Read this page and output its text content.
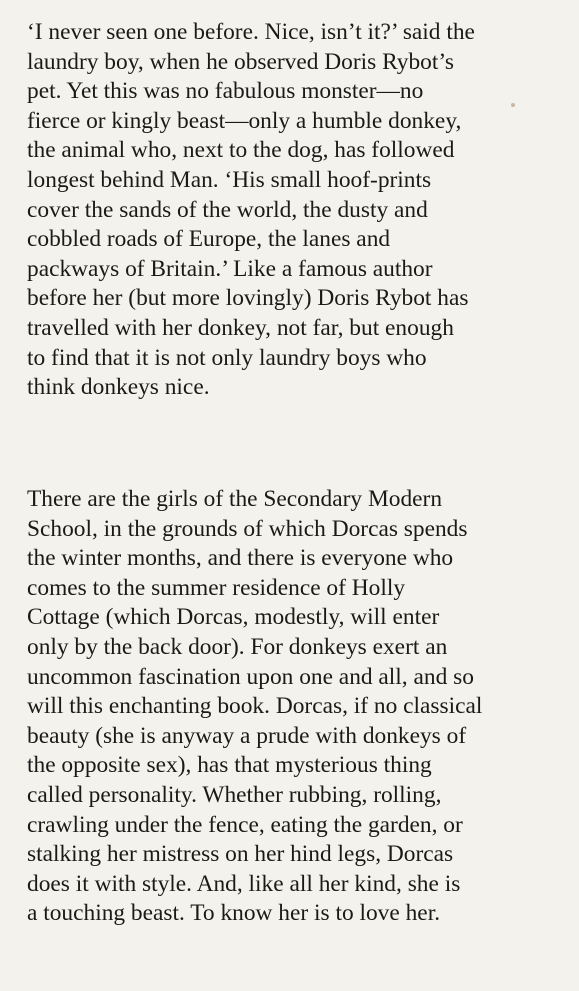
‘I never seen one before. Nice, isn’t it?’ said the
laundry boy, when he observed Doris Rybot’s
pet. Yet this was no fabulous monster—no
fierce or kingly beast—only a humble donkey,
the animal who, next to the dog, has followed
longest behind Man. ‘His small hoof-prints
cover the sands of the world, the dusty and
cobbled roads of Europe, the lanes and
packways of Britain.’ Like a famous author
before her (but more lovingly) Doris Rybot has
travelled with her donkey, not far, but enough
to find that it is not only laundry boys who
think donkeys nice.
There are the girls of the Secondary Modern
School, in the grounds of which Dorcas spends
the winter months, and there is everyone who
comes to the summer residence of Holly
Cottage (which Dorcas, modestly, will enter
only by the back door). For donkeys exert an
uncommon fascination upon one and all, and so
will this enchanting book. Dorcas, if no classical
beauty (she is anyway a prude with donkeys of
the opposite sex), has that mysterious thing
called personality. Whether rubbing, rolling,
crawling under the fence, eating the garden, or
stalking her mistress on her hind legs, Dorcas
does it with style. And, like all her kind, she is
a touching beast. To know her is to love her.
